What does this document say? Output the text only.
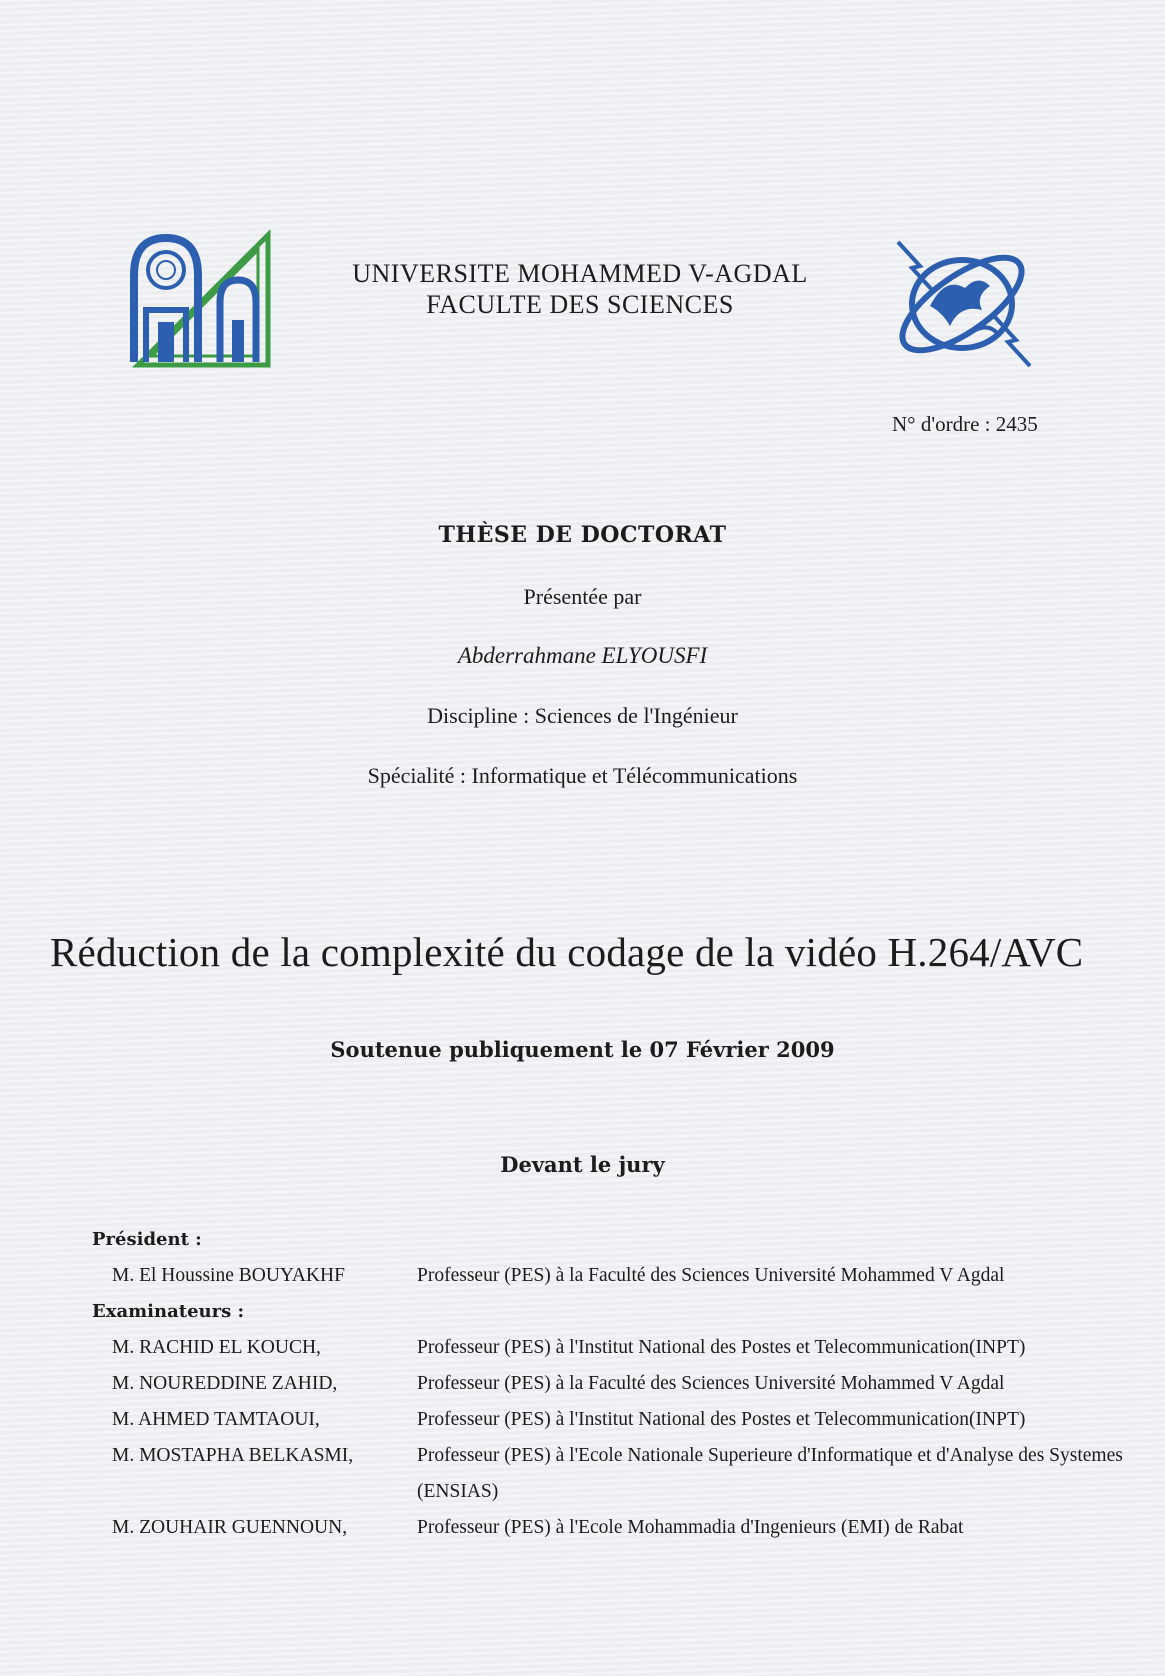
UNIVERSITE MOHAMMED V-AGDAL
FACULTE DES SCIENCES
N° d'ordre : 2435
THÈSE DE DOCTORAT
Présentée par
Abderrahmane ELYOUSFI
Discipline : Sciences de l'Ingénieur
Spécialité : Informatique et Télécommunications
Réduction de la complexité du codage de la vidéo H.264/AVC
Soutenue publiquement le 07 Février 2009
Devant le jury
Président :
M. El Houssine BOUYAKHF	Professeur (PES) à la Faculté des Sciences Université Mohammed V Agdal
Examinateurs :
M. RACHID EL KOUCH,	Professeur (PES) à l'Institut National des Postes et Telecommunication(INPT)
M. NOUREDDINE ZAHID,	Professeur (PES) à la Faculté des Sciences Université Mohammed V Agdal
M. AHMED TAMTAOUI,	Professeur (PES) à l'Institut National des Postes et Telecommunication(INPT)
M. MOSTAPHA BELKASMI,	Professeur (PES) à l'Ecole Nationale Superieure d'Informatique et d'Analyse des Systemes (ENSIAS)
M. ZOUHAIR GUENNOUN,	Professeur (PES) à l'Ecole Mohammadia d'Ingenieurs (EMI) de Rabat
